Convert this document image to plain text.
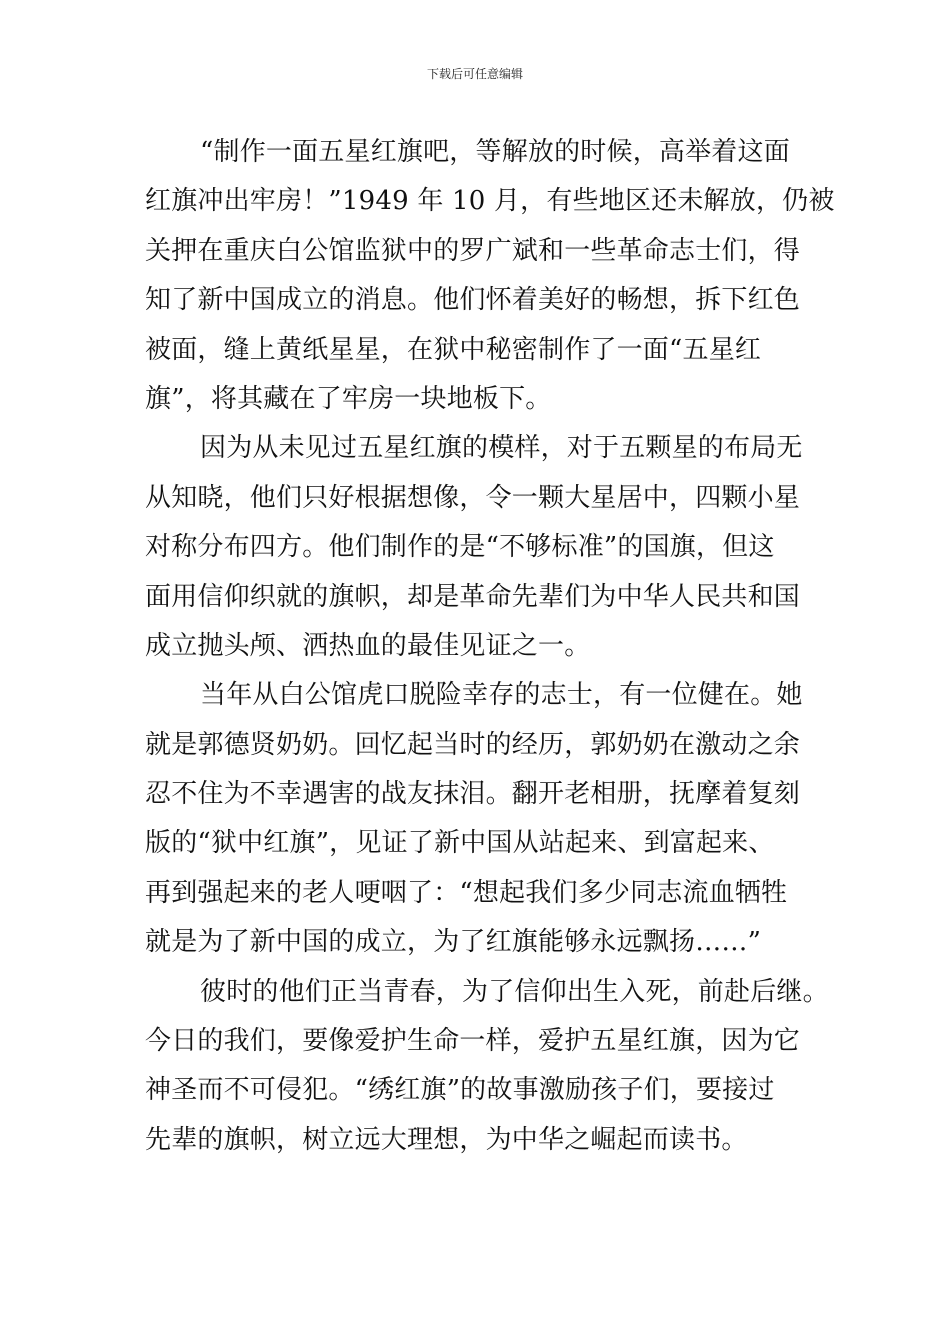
下载后可任意编辑
“制作一面五星红旗吧，等解放的时候，高举着这面
红旗冲出牢房！”1949 年 10 月，有些地区还未解放，仍被
关押在重庆白公馆监狱中的罗广斌和一些革命志士们，得
知了新中国成立的消息。他们怀着美好的畅想，拆下红色
被面，缝上黄纸星星，在狱中秘密制作了一面“五星红
旗”，将其藏在了牢房一块地板下。
因为从未见过五星红旗的模样，对于五颗星的布局无
从知晓，他们只好根据想像，令一颗大星居中，四颗小星
对称分布四方。他们制作的是“不够标准”的国旗，但这
面用信仰织就的旗帜，却是革命先辈们为中华人民共和国
成立抛头颅、洒热血的最佳见证之一。
当年从白公馆虎口脱险幸存的志士，有一位健在。她
就是郭德贤奶奶。回忆起当时的经历，郭奶奶在激动之余
忍不住为不幸遇害的战友抹泪。翻开老相册，抚摩着复刻
版的“狱中红旗”，见证了新中国从站起来、到富起来、
再到强起来的老人哽咽了：“想起我们多少同志流血牺牲
就是为了新中国的成立，为了红旗能够永远飘扬……”
彼时的他们正当青春，为了信仰出生入死，前赴后继。
今日的我们，要像爱护生命一样，爱护五星红旗，因为它
神圣而不可侵犯。“绣红旗”的故事激励孩子们，要接过
先辈的旗帜，树立远大理想，为中华之崛起而读书。
